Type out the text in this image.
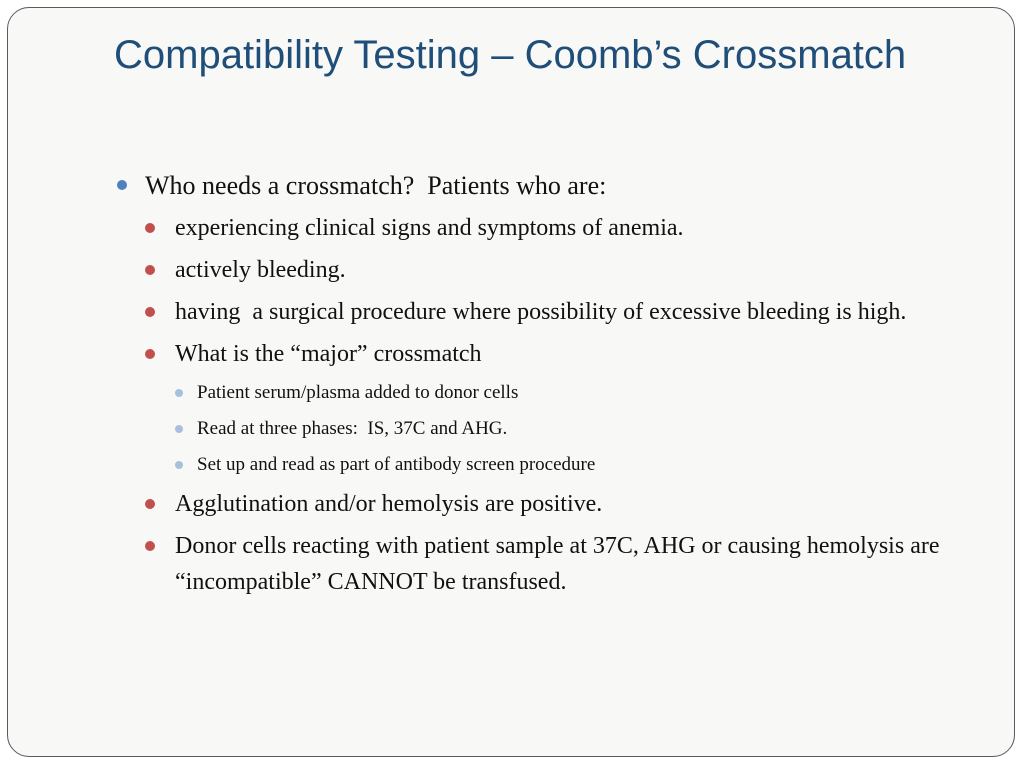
Compatibility Testing – Coomb’s Crossmatch
Who needs a crossmatch?  Patients who are:
experiencing clinical signs and symptoms of anemia.
actively bleeding.
having  a surgical procedure where possibility of excessive bleeding is high.
What is the “major” crossmatch
Patient serum/plasma added to donor cells
Read at three phases:  IS, 37C and AHG.
Set up and read as part of antibody screen procedure
Agglutination and/or hemolysis are positive.
Donor cells reacting with patient sample at 37C, AHG or causing hemolysis are “incompatible” CANNOT be transfused.
